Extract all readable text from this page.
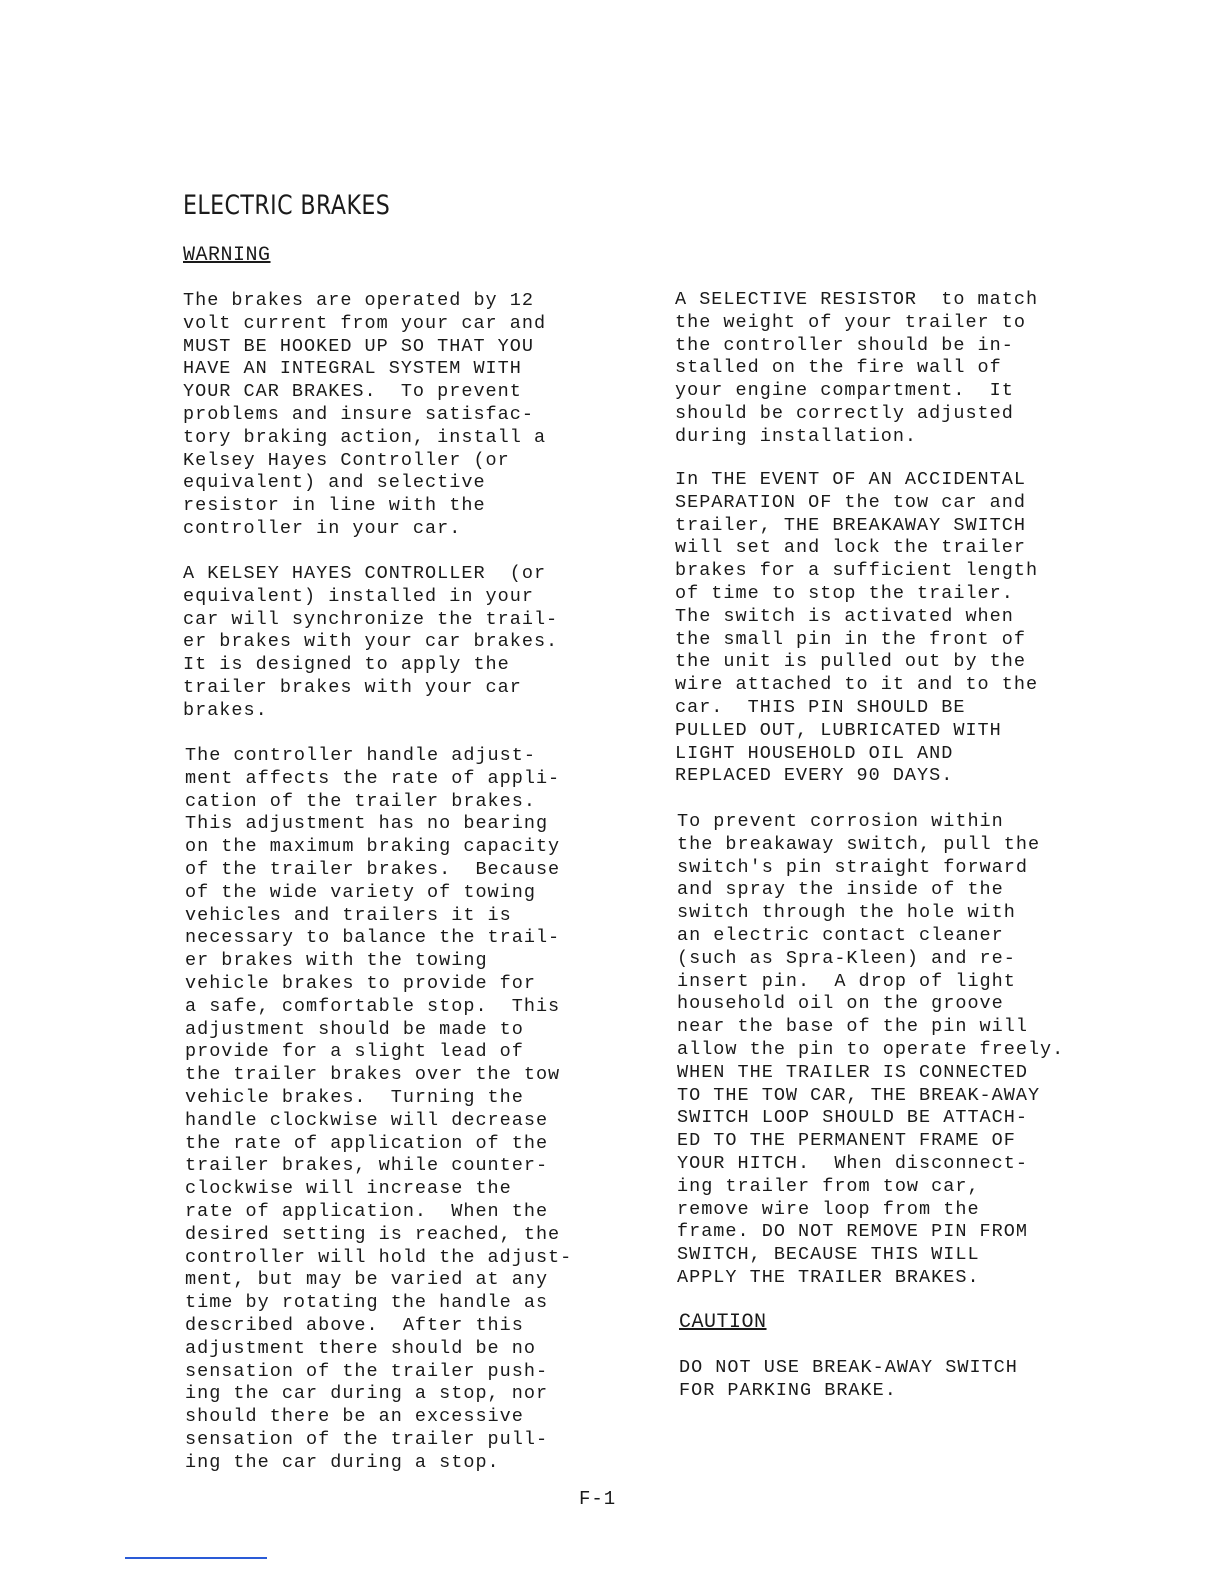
ELECTRIC BRAKES
WARNING

The brakes are operated by 12
volt current from your car and
MUST BE HOOKED UP SO THAT YOU
HAVE AN INTEGRAL SYSTEM WITH
YOUR CAR BRAKES.  To prevent
problems and insure satisfac-
tory braking action, install a
Kelsey Hayes Controller (or
equivalent) and selective
resistor in line with the
controller in your car.

A KELSEY HAYES CONTROLLER  (or
equivalent) installed in your
car will synchronize the trail-
er brakes with your car brakes.
It is designed to apply the
trailer brakes with your car
brakes.

The controller handle adjust-
ment affects the rate of appli-
cation of the trailer brakes.
This adjustment has no bearing
on the maximum braking capacity
of the trailer brakes.  Because
of the wide variety of towing
vehicles and trailers it is
necessary to balance the trail-
er brakes with the towing
vehicle brakes to provide for
a safe, comfortable stop.  This
adjustment should be made to
provide for a slight lead of
the trailer brakes over the tow
vehicle brakes.  Turning the
handle clockwise will decrease
the rate of application of the
trailer brakes, while counter-
clockwise will increase the
rate of application.  When the
desired setting is reached, the
controller will hold the adjust-
ment, but may be varied at any
time by rotating the handle as
described above.  After this
adjustment there should be no
sensation of the trailer push-
ing the car during a stop, nor
should there be an excessive
sensation of the trailer pull-
ing the car during a stop.

A SELECTIVE RESISTOR  to match
the weight of your trailer to
the controller should be in-
stalled on the fire wall of
your engine compartment.  It
should be correctly adjusted
during installation.

In THE EVENT OF AN ACCIDENTAL
SEPARATION OF the tow car and
trailer, THE BREAKAWAY SWITCH
will set and lock the trailer
brakes for a sufficient length
of time to stop the trailer.
The switch is activated when
the small pin in the front of
the unit is pulled out by the
wire attached to it and to the
car.  THIS PIN SHOULD BE
PULLED OUT, LUBRICATED WITH
LIGHT HOUSEHOLD OIL AND
REPLACED EVERY 90 DAYS.

To prevent corrosion within
the breakaway switch, pull the
switch's pin straight forward
and spray the inside of the
switch through the hole with
an electric contact cleaner
(such as Spra-Kleen) and re-
insert pin.  A drop of light
household oil on the groove
near the base of the pin will
allow the pin to operate freely.
WHEN THE TRAILER IS CONNECTED
TO THE TOW CAR, THE BREAK-AWAY
SWITCH LOOP SHOULD BE ATTACH-
ED TO THE PERMANENT FRAME OF
YOUR HITCH.  When disconnect-
ing trailer from tow car,
remove wire loop from the
frame. DO NOT REMOVE PIN FROM
SWITCH, BECAUSE THIS WILL
APPLY THE TRAILER BRAKES.

CAUTION

DO NOT USE BREAK-AWAY SWITCH
FOR PARKING BRAKE.

F-1
